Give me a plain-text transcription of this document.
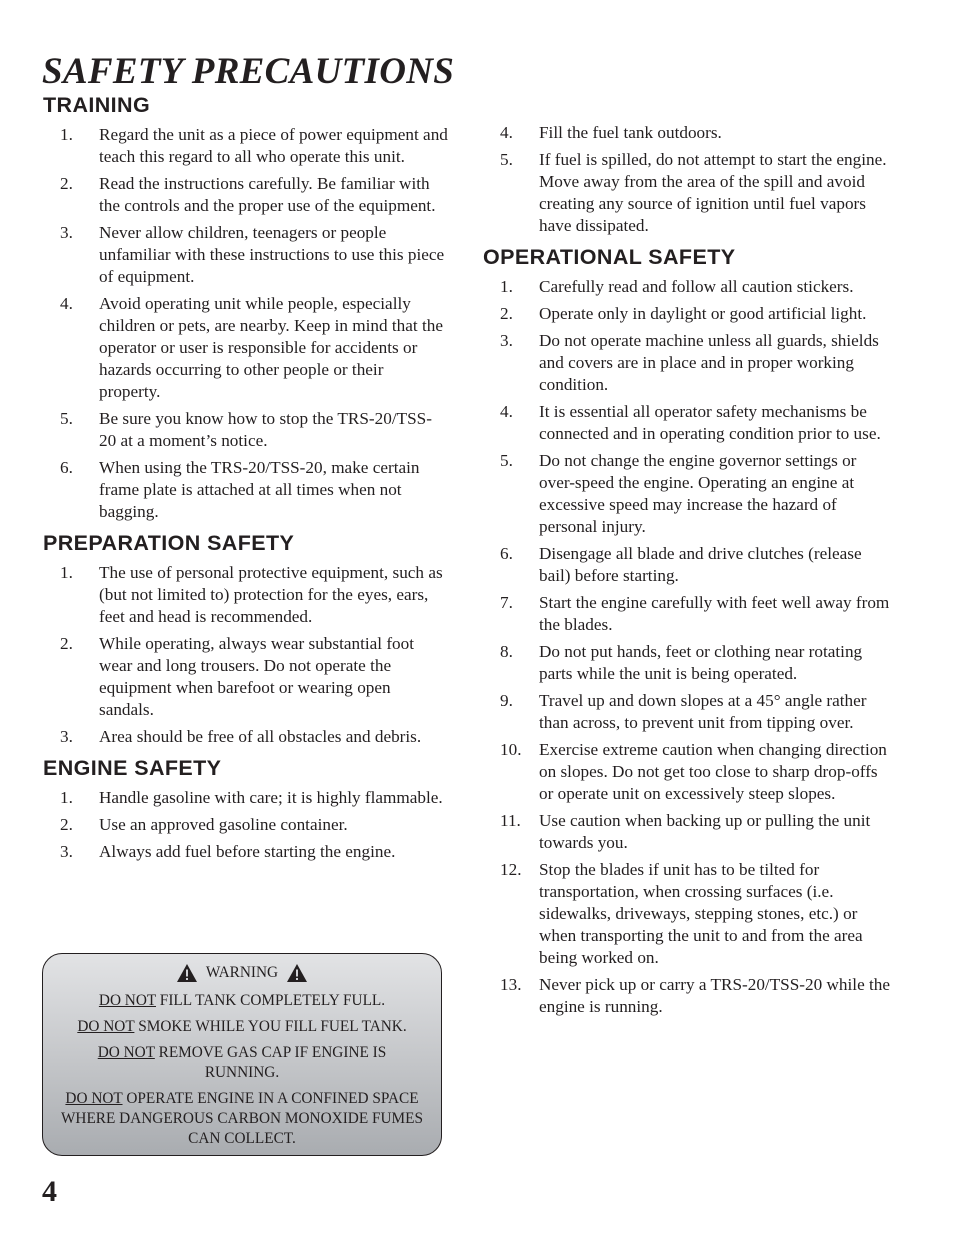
SAFETY PRECAUTIONS
TRAINING
1.	Regard the unit as a piece of power equipment and teach this regard to all who operate this unit.
2.	Read the instructions carefully. Be familiar with the controls and the proper use of the equipment.
3.	Never allow children, teenagers or people unfamiliar with these instructions to use this piece of equipment.
4.	Avoid operating unit while people, especially children or pets, are nearby. Keep in mind that the operator or user is responsible for accidents or hazards occurring to other people or their property.
5.	Be sure you know how to stop the TRS-20/TSS-20 at a moment’s notice.
6.	When using the TRS-20/TSS-20, make certain frame plate is attached at all times when not bagging.
PREPARATION SAFETY
1.	The use of personal protective equipment, such as (but not limited to) protection for the eyes, ears, feet and head is recommended.
2.	While operating, always wear substantial foot wear and long trousers. Do not operate the equipment when barefoot or wearing open sandals.
3.	Area should be free of all obstacles and debris.
ENGINE SAFETY
1.	Handle gasoline with care; it is highly flammable.
2.	Use an approved gasoline container.
3.	Always add fuel before starting the engine.
WARNING
DO NOT FILL TANK COMPLETELY FULL.
DO NOT SMOKE WHILE YOU FILL FUEL TANK.
DO NOT REMOVE GAS CAP IF ENGINE IS RUNNING.
DO NOT OPERATE ENGINE IN A CONFINED SPACE WHERE DANGEROUS CARBON MONOXIDE FUMES CAN COLLECT.
4.	Fill the fuel tank outdoors.
5.	If fuel is spilled, do not attempt to start the engine. Move away from the area of the spill and avoid creating any source of ignition until fuel vapors have dissipated.
OPERATIONAL SAFETY
1.	Carefully read and follow all caution stickers.
2.	Operate only in daylight or good artificial light.
3.	Do not operate machine unless all guards, shields and covers are in place and in proper working condition.
4.	It is essential all operator safety mechanisms be connected and in operating condition prior to use.
5.	Do not change the engine governor settings or over-speed the engine. Operating an engine at excessive speed may increase the hazard of personal injury.
6.	Disengage all blade and drive clutches (release bail) before starting.
7.	Start the engine carefully with feet well away from the blades.
8.	Do not put hands, feet or clothing near rotating parts while the unit is being operated.
9.	Travel up and down slopes at a 45° angle rather than across, to prevent unit from tipping over.
10.	Exercise extreme caution when changing direction on slopes. Do not get too close to sharp drop-offs or operate unit on excessively steep slopes.
11.	Use caution when backing up or pulling the unit towards you.
12.	Stop the blades if unit has to be tilted for transportation, when crossing surfaces (i.e. sidewalks, driveways, stepping stones, etc.) or when transporting the unit to and from the area being worked on.
13.	Never pick up or carry a TRS-20/TSS-20 while the engine is running.
4
